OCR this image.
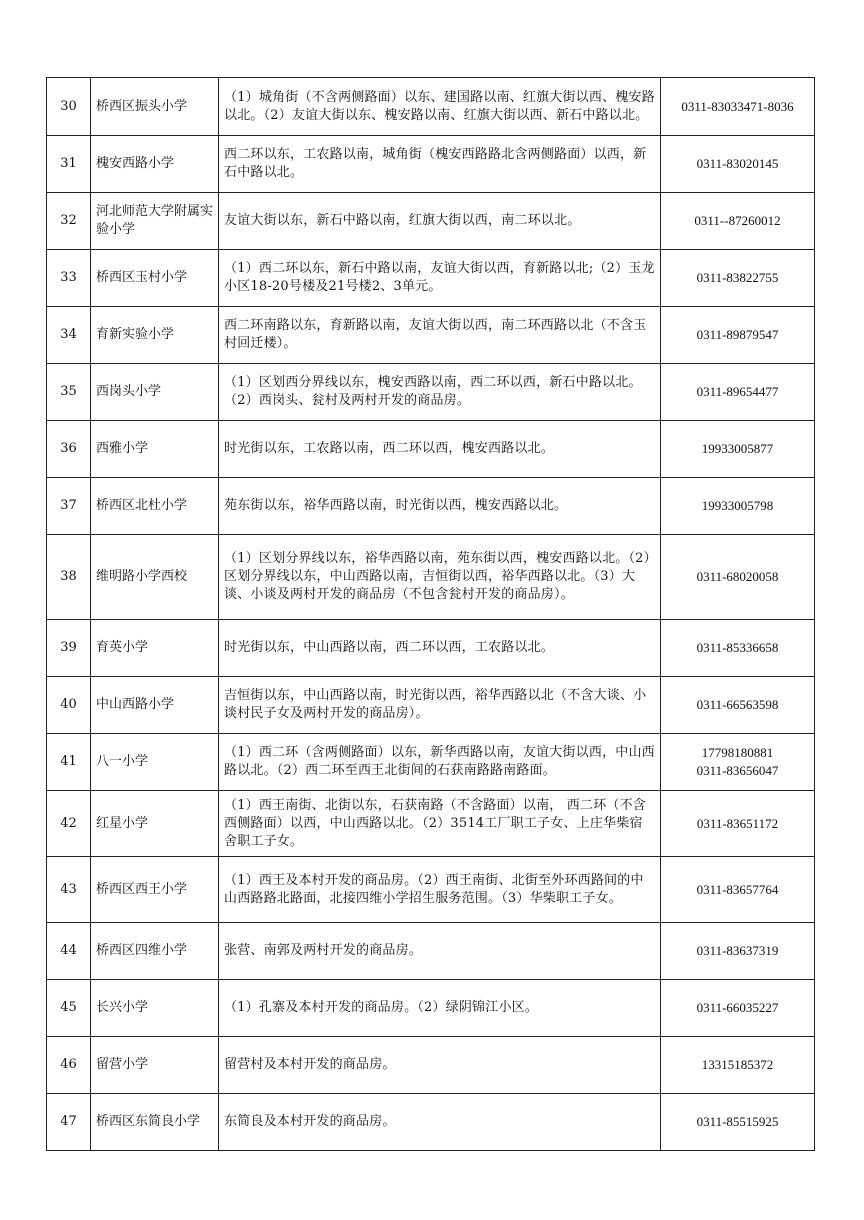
30	桥西区振头小学	（1）城角街（不含两侧路面）以东、建国路以南、红旗大街以西、槐安路以北。（2）友谊大街以东、槐安路以南、红旗大街以西、新石中路以北。	0311-83033471-8036
31	槐安西路小学	西二环以东，工农路以南，城角街（槐安西路路北含两侧路面）以西，新石中路以北。	0311-83020145
32	河北师范大学附属实验小学	友谊大街以东，新石中路以南，红旗大街以西，南二环以北。	0311--87260012
33	桥西区玉村小学	（1）西二环以东，新石中路以南，友谊大街以西，育新路以北;（2）玉龙小区18-20号楼及21号楼2、3单元。	0311-83822755
34	育新实验小学	西二环南路以东，育新路以南，友谊大街以西，南二环西路以北（不含玉村回迁楼）。	0311-89879547
35	西岗头小学	（1）区划西分界线以东，槐安西路以南，西二环以西，新石中路以北。（2）西岗头、瓮村及两村开发的商品房。	0311-89654477
36	西雅小学	时光街以东，工农路以南，西二环以西，槐安西路以北。	19933005877
37	桥西区北杜小学	苑东街以东，裕华西路以南，时光街以西，槐安西路以北。	19933005798
38	维明路小学西校	（1）区划分界线以东，裕华西路以南，苑东街以西，槐安西路以北。（2）区划分界线以东，中山西路以南，吉恒街以西，裕华西路以北。（3）大谈、小谈及两村开发的商品房（不包含瓮村开发的商品房）。	0311-68020058
39	育英小学	时光街以东，中山西路以南，西二环以西，工农路以北。	0311-85336658
40	中山西路小学	吉恒街以东，中山西路以南，时光街以西，裕华西路以北（不含大谈、小谈村民子女及两村开发的商品房）。	0311-66563598
41	八一小学	（1）西二环（含两侧路面）以东，新华西路以南，友谊大街以西，中山西路以北。（2）西二环至西王北街间的石获南路路南路面。	17798180881
0311-83656047
42	红星小学	（1）西王南街、北街以东，石获南路（不含路面）以南， 西二环（不含西侧路面）以西，中山西路以北。（2）3514工厂职工子女、上庄华柴宿舍职工子女。	0311-83651172
43	桥西区西王小学	（1）西王及本村开发的商品房。（2）西王南街、北街至外环西路间的中山西路路北路面，北接四维小学招生服务范围。（3）华柴职工子女。	0311-83657764
44	桥西区四维小学	张营、南郭及两村开发的商品房。	0311-83637319
45	长兴小学	（1）孔寨及本村开发的商品房。（2）绿阴锦江小区。	0311-66035227
46	留营小学	留营村及本村开发的商品房。	13315185372
47	桥西区东简良小学	东简良及本村开发的商品房。	0311-85515925
